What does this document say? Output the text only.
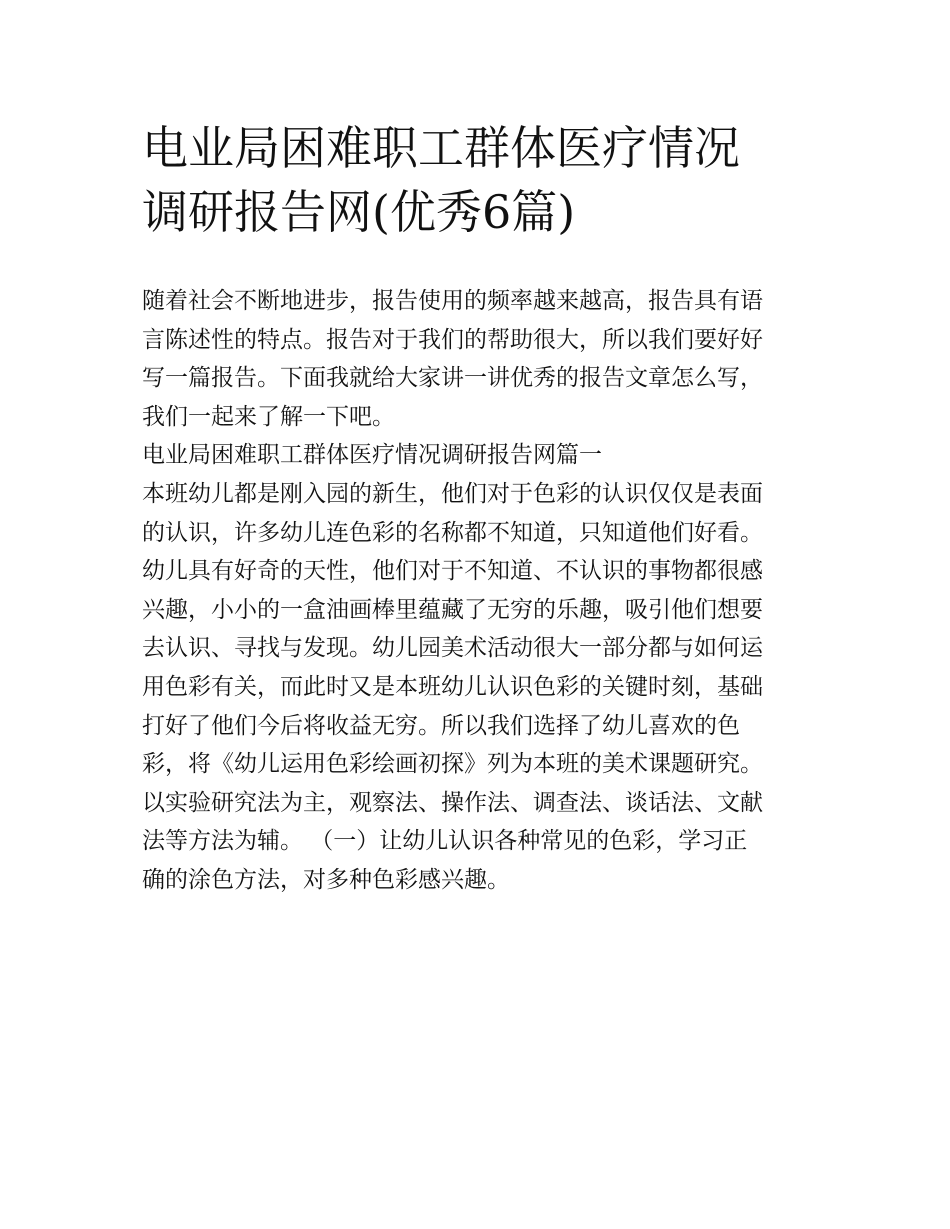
电业局困难职工群体医疗情况
调研报告网(优秀6篇)
随着社会不断地进步，报告使用的频率越来越高，报告具有语
言陈述性的特点。报告对于我们的帮助很大，所以我们要好好
写一篇报告。下面我就给大家讲一讲优秀的报告文章怎么写，
我们一起来了解一下吧。
电业局困难职工群体医疗情况调研报告网篇一
本班幼儿都是刚入园的新生，他们对于色彩的认识仅仅是表面
的认识，许多幼儿连色彩的名称都不知道，只知道他们好看。
幼儿具有好奇的天性，他们对于不知道、不认识的事物都很感
兴趣，小小的一盒油画棒里蕴藏了无穷的乐趣，吸引他们想要
去认识、寻找与发现。幼儿园美术活动很大一部分都与如何运
用色彩有关，而此时又是本班幼儿认识色彩的关键时刻，基础
打好了他们今后将收益无穷。所以我们选择了幼儿喜欢的色
彩，将《幼儿运用色彩绘画初探》列为本班的美术课题研究。
以实验研究法为主，观察法、操作法、调查法、谈话法、文献
法等方法为辅。 （一）让幼儿认识各种常见的色彩，学习正
确的涂色方法，对多种色彩感兴趣。
